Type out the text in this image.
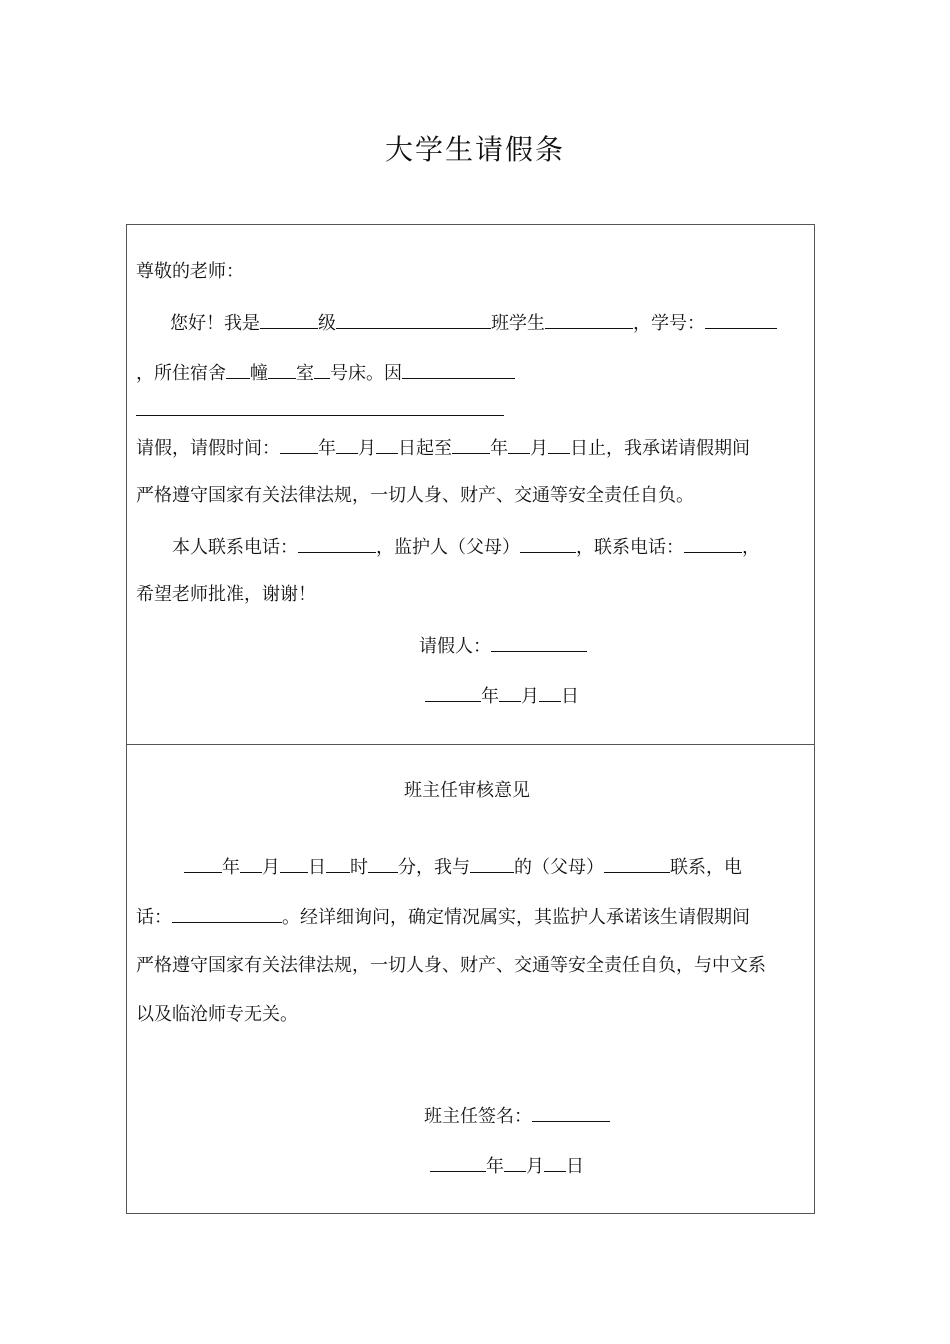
大学生请假条
尊敬的老师：
您好！我是	级	班学生	，学号：
，所住宿舍 幢 室 号床。因
请假，请假时间： 年 月 日起至 年 月 日止，我承诺请假期间
严格遵守国家有关法律法规，一切人身、财产、交通等安全责任自负。
本人联系电话：	，监护人（父母）	，联系电话：	，
希望老师批准，谢谢！
请假人：
年 月 日
班主任审核意见
年 月 日 时 分，我与 的（父母）	联系，电
话：	。经详细询问，确定情况属实，其监护人承诺该生请假期间
严格遵守国家有关法律法规，一切人身、财产、交通等安全责任自负，与中文系
以及临沧师专无关。
班主任签名：
年 月 日
